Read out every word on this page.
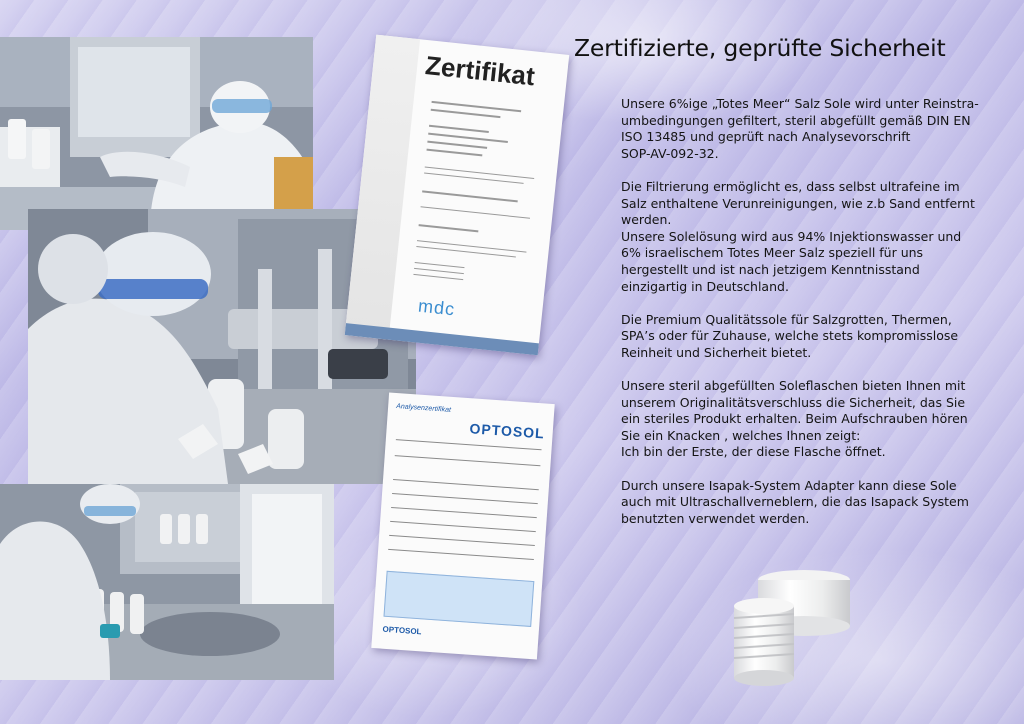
Zertifikat
mdc
Analysenzertifikat
OPTOSOL
OPTOSOL
Zertifizierte, geprüfte Sicherheit

Unsere 6%ige „Totes Meer“ Salz Sole wird unter Reinstra-
umbedingungen gefiltert, steril abgefüllt gemäß DIN EN
ISO 13485 und geprüft nach Analysevorschrift
SOP-AV-092-32.

Die Filtrierung ermöglicht es, dass selbst ultrafeine im
Salz enthaltene Verunreinigungen, wie z.b Sand entfernt
werden.
Unsere Solelösung wird aus 94% Injektionswasser und
6% israelischem Totes Meer Salz speziell für uns
hergestellt und ist nach jetzigem Kenntnisstand
einzigartig in Deutschland.

Die Premium Qualitätssole für Salzgrotten, Thermen,
SPA’s oder für Zuhause, welche stets kompromisslose
Reinheit und Sicherheit bietet.

Unsere steril abgefüllten Soleflaschen bieten Ihnen mit
unserem Originalitätsverschluss die Sicherheit, das Sie
ein steriles Produkt erhalten. Beim Aufschrauben hören
Sie ein Knacken , welches Ihnen zeigt:
Ich bin der Erste, der diese Flasche öffnet.

Durch unsere Isapak-System Adapter kann diese Sole
auch mit Ultraschallverneblern, die das Isapack System
benutzten verwendet werden.
